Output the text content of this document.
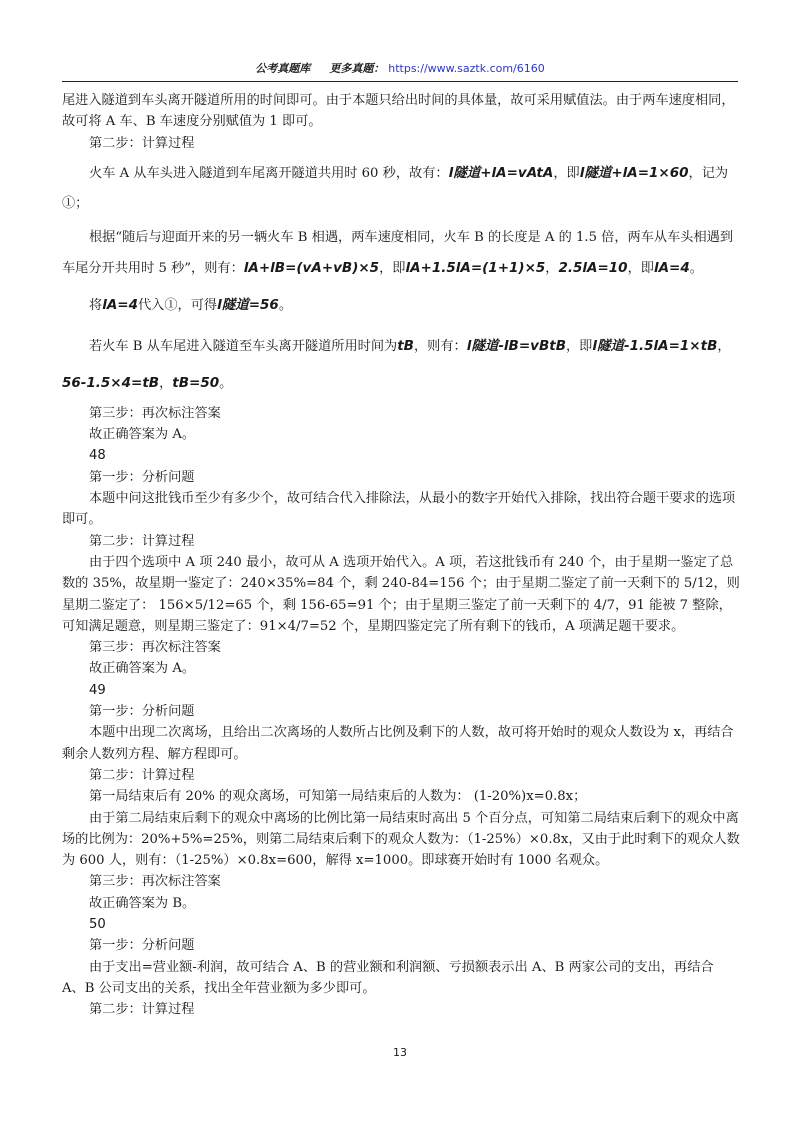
公考真题库 更多真题： https://www.saztk.com/6160

尾进入隧道到车头离开隧道所用的时间即可。由于本题只给出时间的具体量，故可采用赋值法。由于两车速度相同，故可将 A 车、B 车速度分别赋值为 1 即可。

第二步：计算过程

火车 A 从车头进入隧道到车尾离开隧道共用时 60 秒，故有：l隧道+lA=vAtA，即l隧道+lA=1×60，记为①；

根据“随后与迎面开来的另一辆火车 B 相遇，两车速度相同，火车 B 的长度是 A 的 1.5 倍，两车从车头相遇到车尾分开共用时 5 秒”，则有：lA+lB=(vA+vB)×5，即lA+1.5lA=(1+1)×5，2.5lA=10，即lA=4。

将lA=4代入①，可得l隧道=56。

若火车 B 从车尾进入隧道至车头离开隧道所用时间为tB，则有：l隧道-lB=vBtB，即l隧道-1.5lA=1×tB，

56-1.5×4=tB，tB=50。

第三步：再次标注答案

故正确答案为 A。

48

第一步：分析问题

本题中问这批钱币至少有多少个，故可结合代入排除法，从最小的数字开始代入排除，找出符合题干要求的选项即可。

第二步：计算过程

由于四个选项中 A 项 240 最小，故可从 A 选项开始代入。A 项，若这批钱币有 240 个，由于星期一鉴定了总数的 35%，故星期一鉴定了：240×35%=84 个，剩 240-84=156 个；由于星期二鉴定了前一天剩下的 5/12，则星期二鉴定了： 156×5/12=65 个，剩 156-65=91 个；由于星期三鉴定了前一天剩下的 4/7，91 能被 7 整除，可知满足题意，则星期三鉴定了：91×4/7=52 个，星期四鉴定完了所有剩下的钱币，A 项满足题干要求。

第三步：再次标注答案

故正确答案为 A。

49

第一步：分析问题

本题中出现二次离场，且给出二次离场的人数所占比例及剩下的人数，故可将开始时的观众人数设为 x，再结合剩余人数列方程、解方程即可。

第二步：计算过程

第一局结束后有 20% 的观众离场，可知第一局结束后的人数为： (1-20%)x=0.8x；

由于第二局结束后剩下的观众中离场的比例比第一局结束时高出 5 个百分点，可知第二局结束后剩下的观众中离场的比例为：20%+5%=25%，则第二局结束后剩下的观众人数为：（1-25%）×0.8x，又由于此时剩下的观众人数为 600 人，则有：（1-25%）×0.8x=600，解得 x=1000。即球赛开始时有 1000 名观众。

第三步：再次标注答案

故正确答案为 B。

50

第一步：分析问题

由于支出=营业额-利润，故可结合 A、B 的营业额和利润额、亏损额表示出 A、B 两家公司的支出，再结合 A、B 公司支出的关系，找出全年营业额为多少即可。

第二步：计算过程

13
